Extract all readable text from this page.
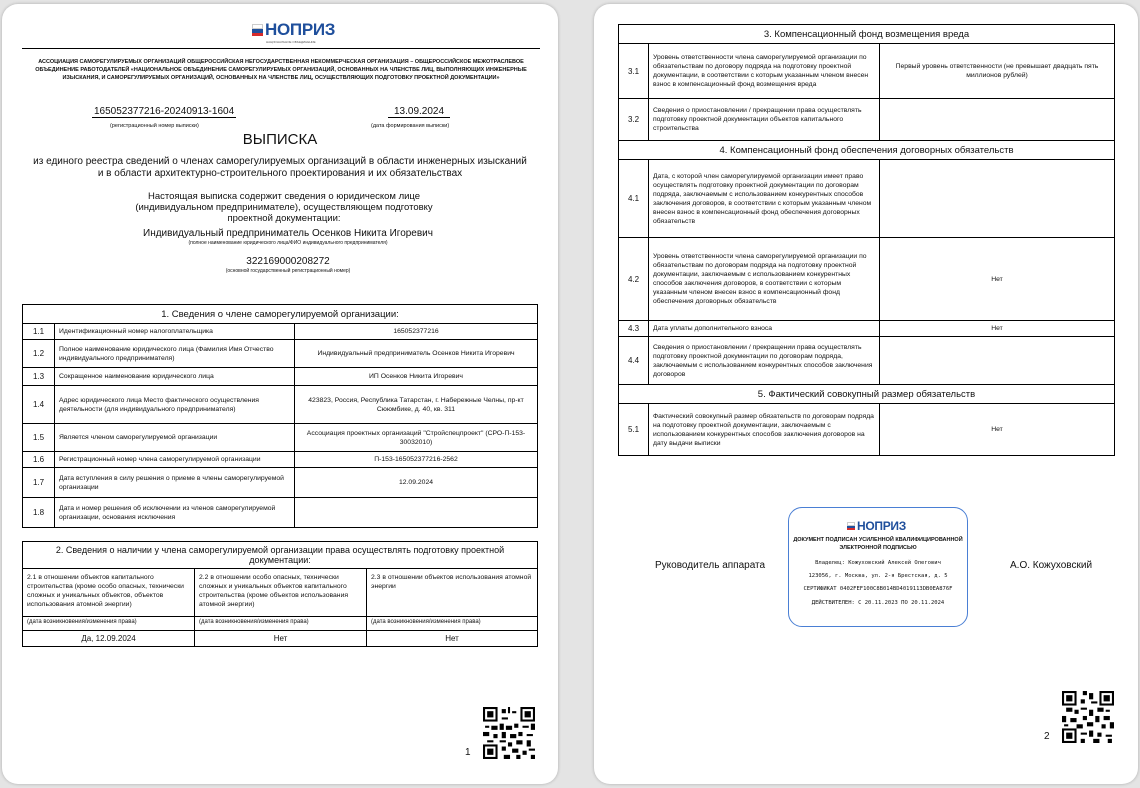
НОПРИЗ
НАЦИОНАЛЬНОЕ ОБЪЕДИНЕНИЕ
АССОЦИАЦИЯ САМОРЕГУЛИРУЕМЫХ ОРГАНИЗАЦИЙ ОБЩЕРОССИЙСКАЯ НЕГОСУДАРСТВЕННАЯ НЕКОММЕРЧЕСКАЯ ОРГАНИЗАЦИЯ – ОБЩЕРОССИЙСКОЕ МЕЖОТРАСЛЕВОЕ ОБЪЕДИНЕНИЕ РАБОТОДАТЕЛЕЙ «НАЦИОНАЛЬНОЕ ОБЪЕДИНЕНИЕ САМОРЕГУЛИРУЕМЫХ ОРГАНИЗАЦИЙ, ОСНОВАННЫХ НА ЧЛЕНСТВЕ ЛИЦ, ВЫПОЛНЯЮЩИХ ИНЖЕНЕРНЫЕ ИЗЫСКАНИЯ, И САМОРЕГУЛИРУЕМЫХ ОРГАНИЗАЦИЙ, ОСНОВАННЫХ НА ЧЛЕНСТВЕ ЛИЦ, ОСУЩЕСТВЛЯЮЩИХ ПОДГОТОВКУ ПРОЕКТНОЙ ДОКУМЕНТАЦИИ»
165052377216-20240913-1604
(регистрационный номер выписки)
13.09.2024
(дата формирования выписки)
ВЫПИСКА
из единого реестра сведений о членах саморегулируемых организаций в области инженерных изысканий и в области архитектурно-строительного проектирования и их обязательствах
Настоящая выписка содержит сведения о юридическом лице (индивидуальном предпринимателе), осуществляющем подготовку проектной документации:
Индивидуальный предприниматель Осенков Никита Игоревич
(полное наименование юридического лица/ФИО индивидуального предпринимателя)
322169000208272
(основной государственный регистрационный номер)
1. Сведения о члене саморегулируемой организации:		
1.1	Идентификационный номер налогоплательщика	165052377216
1.2	Полное наименование юридического лица (Фамилия Имя Отчество индивидуального предпринимателя)	Индивидуальный предприниматель Осенков Никита Игоревич
1.3	Сокращенное наименование юридического лица	ИП Осенков Никита Игоревич
1.4	Адрес юридического лица Место фактического осуществления деятельности (для индивидуального предпринимателя)	423823, Россия, Республика Татарстан, г. Набережные Челны, пр-кт Сююмбике, д. 40, кв. 311
1.5	Является членом саморегулируемой организации	Ассоциация проектных организаций "Стройспецпроект" (СРО-П-153-30032010)
1.6	Регистрационный номер члена саморегулируемой организации	П-153-165052377216-2562
1.7	Дата вступления в силу решения о приеме в члены саморегулируемой организации	12.09.2024
1.8	Дата и номер решения об исключении из членов саморегулируемой организации, основания исключения	
2. Сведения о наличии у члена саморегулируемой организации права осуществлять подготовку проектной документации:		
2.1 в отношении объектов капитального строительства (кроме особо опасных, технически сложных и уникальных объектов, объектов использования атомной энергии)	2.2 в отношении особо опасных, технически сложных и уникальных объектов капитального строительства (кроме объектов использования атомной энергии)	2.3 в отношении объектов использования атомной энергии
(дата возникновения/изменения права)	(дата возникновения/изменения права)	(дата возникновения/изменения права)
Да, 12.09.2024	Нет	Нет
1
3. Компенсационный фонд возмещения вреда		
3.1	Уровень ответственности члена саморегулируемой организации по обязательствам по договору подряда на подготовку проектной документации, в соответствии с которым указанным членом внесен взнос в компенсационный фонд возмещения вреда	Первый уровень ответственности (не превышает двадцать пять миллионов рублей)
3.2	Сведения о приостановлении / прекращении права осуществлять подготовку проектной документации объектов капитального строительства	
4. Компенсационный фонд обеспечения договорных обязательств		
4.1	Дата, с которой член саморегулируемой организации имеет право осуществлять подготовку проектной документации по договорам подряда, заключаемым с использованием конкурентных способов заключения договоров, в соответствии с которым указанным членом внесен взнос в компенсационный фонд обеспечения договорных обязательств	
4.2	Уровень ответственности члена саморегулируемой организации по обязательствам по договорам подряда на подготовку проектной документации, заключаемым с использованием конкурентных способов заключения договоров, в соответствии с которым указанным членом внесен взнос в компенсационный фонд обеспечения договорных обязательств	Нет
4.3	Дата уплаты дополнительного взноса	Нет
4.4	Сведения о приостановлении / прекращении права осуществлять подготовку проектной документации по договорам подряда, заключаемым с использованием конкурентных способов заключения договоров	
5. Фактический совокупный размер обязательств		
5.1	Фактический совокупный размер обязательств по договорам подряда на подготовку проектной документации, заключаемым с использованием конкурентных способов заключения договоров на дату выдачи выписки	Нет
Руководитель аппарата	А.О. Кожуховский
НОПРИЗ
ДОКУМЕНТ ПОДПИСАН УСИЛЕННОЙ КВАЛИФИЦИРОВАННОЙ ЭЛЕКТРОННОЙ ПОДПИСЬЮ
Владелец: Кожуховский Алексей Олегович
123056, г. Москва, ул. 2-я Брестская, д. 5
СЕРТИФИКАТ 0402FEF100C8B014BD4019113DB0EA876F
ДЕЙСТВИТЕЛЕН: С 20.11.2023 ПО 20.11.2024
2
